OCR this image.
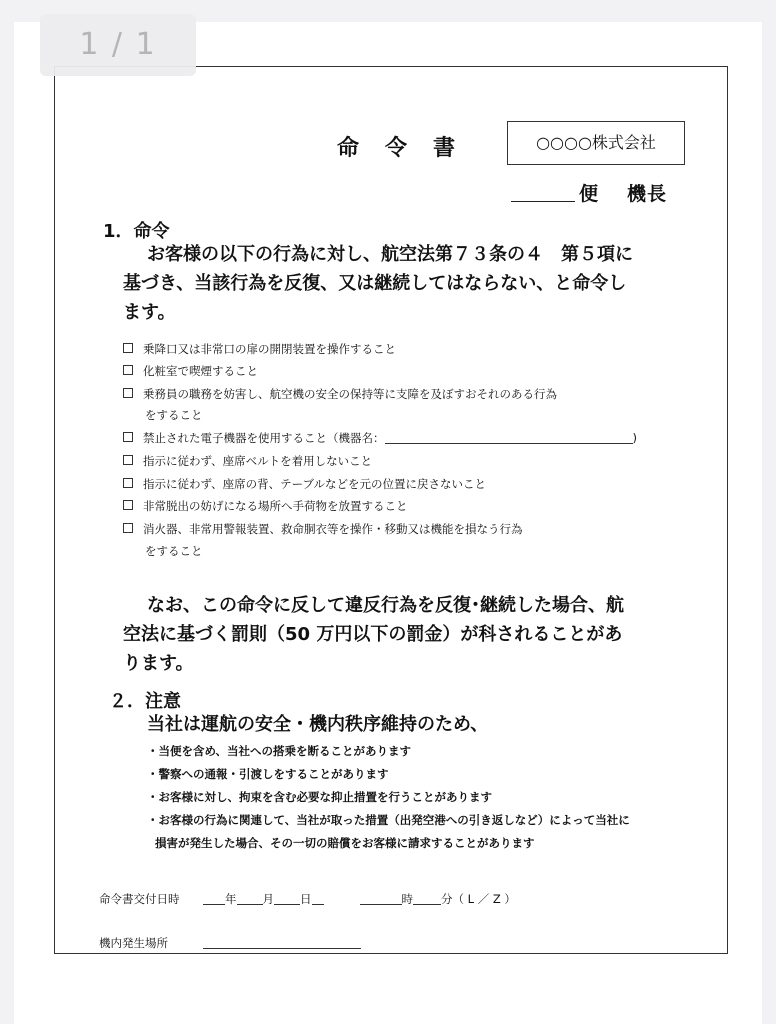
命　令　書	○○○○株式会社
便 機長
1．命令
お客様の以下の行為に対し、航空法第７３条の４　第５項に
基づき、当該行為を反復、又は継続してはならない、と命令し
ます。
乗降口又は非常口の扉の開閉装置を操作すること
化粧室で喫煙すること
乗務員の職務を妨害し、航空機の安全の保持等に支障を及ぼすおそれのある行為
をすること
禁止された電子機器を使用すること（機器名：	)
指示に従わず、座席ベルトを着用しないこと
指示に従わず、座席の背、テーブルなどを元の位置に戻さないこと
非常脱出の妨げになる場所へ手荷物を放置すること
消火器、非常用警報装置、救命胴衣等を操作・移動又は機能を損なう行為
をすること
なお、この命令に反して違反行為を反復･継続した場合、航
空法に基づく罰則（50 万円以下の罰金）が科されることがあ
ります。
２．注意
当社は運航の安全・機内秩序維持のため、
・当便を含め、当社への搭乗を断ることがあります
・警察への通報・引渡しをすることがあります
・お客様に対し、拘束を含む必要な抑止措置を行うことがあります
・お客様の行為に関連して、当社が取った措置（出発空港への引き返しなど）によって当社に
損害が発生した場合、その一切の賠償をお客様に請求することがあります
命令書交付日時	年 月 日	時 分（ L ／ Z ）
機内発生場所
1 / 1
